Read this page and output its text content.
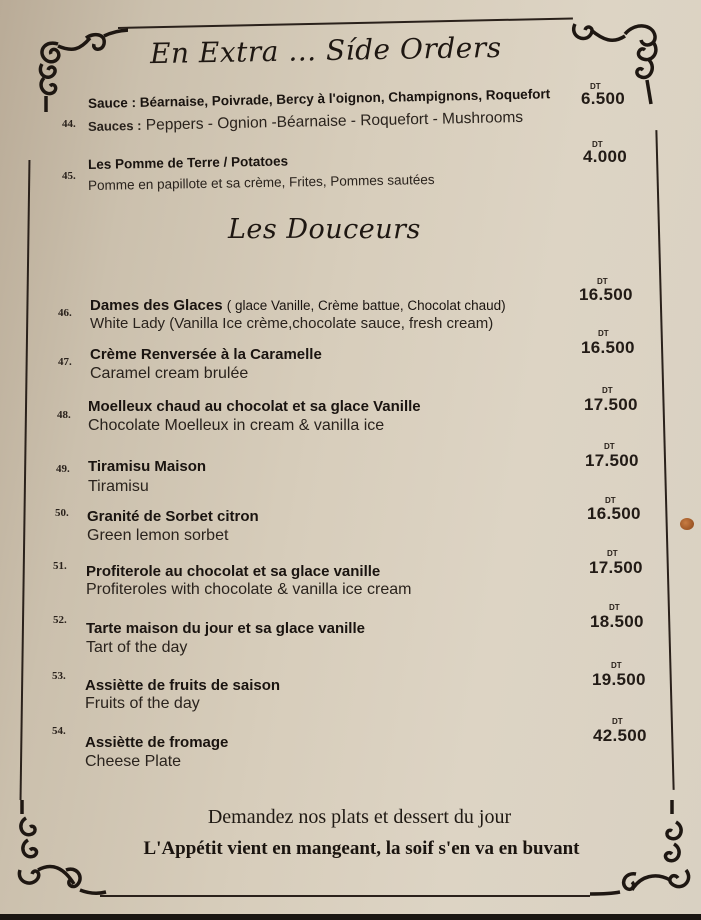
En Extra ... Síde Orders
44.
Sauce : Béarnaise, Poivrade, Bercy à l'oignon, Champignons, Roquefort	DT
6.500
Sauces : Peppers - Ognion -Béarnaise - Roquefort - Mushrooms
45.
Les Pomme de Terre / Potatoes
DT
4.000
Pomme en papillote et sa crème, Frites, Pommes sautées
Les Douceurs
46. Dames des Glaces ( glace Vanille, Crème battue, Chocolat chaud)
DT
16.500
White Lady (Vanilla Ice crème,chocolate sauce, fresh cream)
47. Crème Renversée à la Caramelle
DT
16.500
Caramel cream brulée
48. Moelleux chaud au chocolat et sa glace Vanille
DT
17.500
Chocolate Moelleux in cream & vanilla ice
49. Tiramisu Maison
DT
17.500
Tiramisu
50. Granité de Sorbet citron
DT
16.500
Green lemon sorbet
51. Profiterole au chocolat et sa glace vanille
DT
17.500
Profiteroles with chocolate & vanilla ice cream
52. Tarte maison du jour et sa glace vanille
DT
18.500
Tart of the day
53.
Assiètte de fruits de saison
DT
19.500
Fruits of the day
54.
Assiètte de fromage
DT
42.500
Cheese Plate
Demandez nos plats et dessert du jour
L'Appétit vient en mangeant, la soif s'en va en buvant
